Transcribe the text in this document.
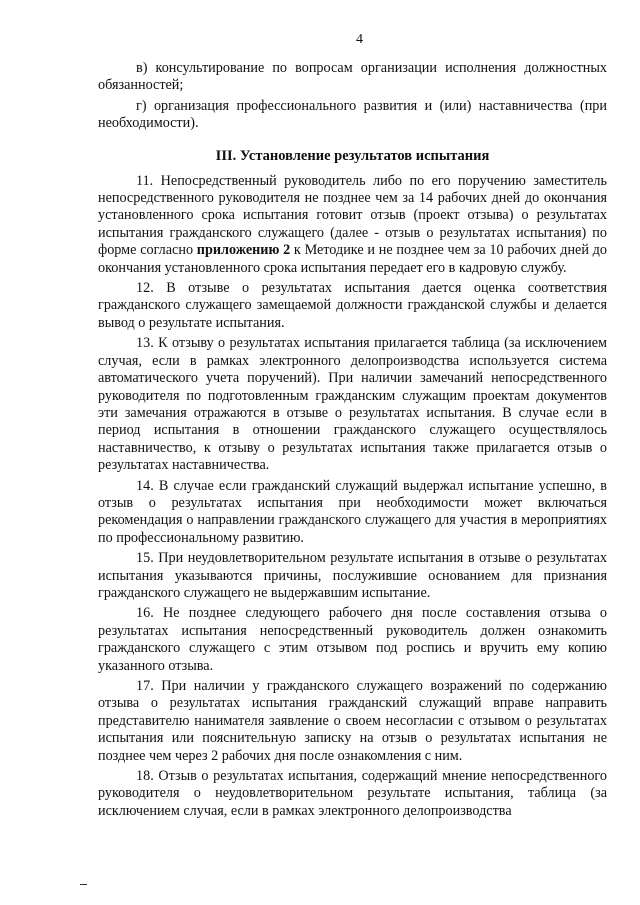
4

в) консультирование по вопросам организации исполнения должностных обязанностей;

г) организация профессионального развития и (или) наставничества (при необходимости).

III. Установление результатов испытания

11. Непосредственный руководитель либо по его поручению заместитель непосредственного руководителя не позднее чем за 14 рабочих дней до окончания установленного срока испытания готовит отзыв (проект отзыва) о результатах испытания гражданского служащего (далее - отзыв о результатах испытания) по форме согласно приложению 2 к Методике и не позднее чем за 10 рабочих дней до окончания установленного срока испытания передает его в кадровую службу.

12. В отзыве о результатах испытания дается оценка соответствия гражданского служащего замещаемой должности гражданской службы и делается вывод о результате испытания.

13. К отзыву о результатах испытания прилагается таблица (за исключением случая, если в рамках электронного делопроизводства используется система автоматического учета поручений). При наличии замечаний непосредственного руководителя по подготовленным гражданским служащим проектам документов эти замечания отражаются в отзыве о результатах испытания. В случае если в период испытания в отношении гражданского служащего осуществлялось наставничество, к отзыву о результатах испытания также прилагается отзыв о результатах наставничества.

14. В случае если гражданский служащий выдержал испытание успешно, в отзыв о результатах испытания при необходимости может включаться рекомендация о направлении гражданского служащего для участия в мероприятиях по профессиональному развитию.

15. При неудовлетворительном результате испытания в отзыве о результатах испытания указываются причины, послужившие основанием для признания гражданского служащего не выдержавшим испытание.

16. Не позднее следующего рабочего дня после составления отзыва о результатах испытания непосредственный руководитель должен ознакомить гражданского служащего с этим отзывом под роспись и вручить ему копию указанного отзыва.

17. При наличии у гражданского служащего возражений по содержанию отзыва о результатах испытания гражданский служащий вправе направить представителю нанимателя заявление о своем несогласии с отзывом о результатах испытания или пояснительную записку на отзыв о результатах испытания не позднее чем через 2 рабочих дня после ознакомления с ним.

18. Отзыв о результатах испытания, содержащий мнение непосредственного руководителя о неудовлетворительном результате испытания, таблица (за исключением случая, если в рамках электронного делопроизводства
